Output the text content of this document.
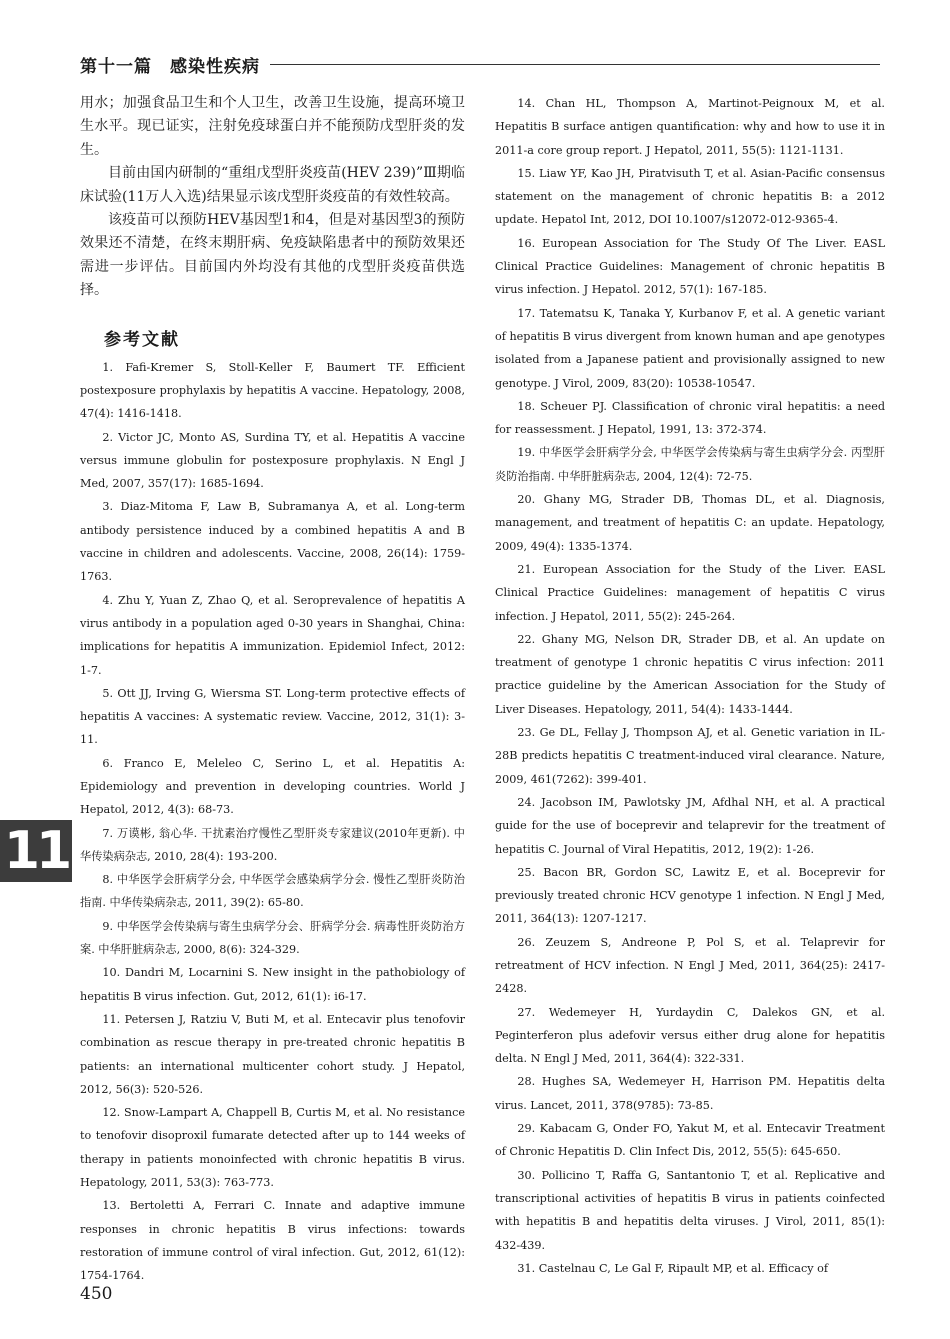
第十一篇　感染性疾病

用水；加强食品卫生和个人卫生，改善卫生设施，提高环境卫生水平。现已证实，注射免疫球蛋白并不能预防戊型肝炎的发生。

目前由国内研制的“重组戊型肝炎疫苗(HEV 239)”Ⅲ期临床试验(11万人入选)结果显示该戊型肝炎疫苗的有效性较高。

该疫苗可以预防HEV基因型1和4，但是对基因型3的预防效果还不清楚，在终末期肝病、免疫缺陷患者中的预防效果还需进一步评估。目前国内外均没有其他的戊型肝炎疫苗供选择。

参考文献
1. Fafi-Kremer S, Stoll-Keller F, Baumert TF. Efficient postexposure prophylaxis by hepatitis A vaccine. Hepatology, 2008, 47(4): 1416-1418.
2. Victor JC, Monto AS, Surdina TY, et al. Hepatitis A vaccine versus immune globulin for postexposure prophylaxis. N Engl J Med, 2007, 357(17): 1685-1694.
3. Diaz-Mitoma F, Law B, Subramanya A, et al. Long-term antibody persistence induced by a combined hepatitis A and B vaccine in children and adolescents. Vaccine, 2008, 26(14): 1759-1763.
4. Zhu Y, Yuan Z, Zhao Q, et al. Seroprevalence of hepatitis A virus antibody in a population aged 0-30 years in Shanghai, China: implications for hepatitis A immunization. Epidemiol Infect, 2012: 1-7.
5. Ott JJ, Irving G, Wiersma ST. Long-term protective effects of hepatitis A vaccines: A systematic review. Vaccine, 2012, 31(1): 3-11.
6. Franco E, Meleleo C, Serino L, et al. Hepatitis A: Epidemiology and prevention in developing countries. World J Hepatol, 2012, 4(3): 68-73.
7. 万谟彬, 翁心华. 干扰素治疗慢性乙型肝炎专家建议(2010年更新). 中华传染病杂志, 2010, 28(4): 193-200.
8. 中华医学会肝病学分会, 中华医学会感染病学分会. 慢性乙型肝炎防治指南. 中华传染病杂志, 2011, 39(2): 65-80.
9. 中华医学会传染病与寄生虫病学分会、肝病学分会. 病毒性肝炎防治方案. 中华肝脏病杂志, 2000, 8(6): 324-329.
10. Dandri M, Locarnini S. New insight in the pathobiology of hepatitis B virus infection. Gut, 2012, 61(1): i6-17.
11. Petersen J, Ratziu V, Buti M, et al. Entecavir plus tenofovir combination as rescue therapy in pre-treated chronic hepatitis B patients: an international multicenter cohort study. J Hepatol, 2012, 56(3): 520-526.
12. Snow-Lampart A, Chappell B, Curtis M, et al. No resistance to tenofovir disoproxil fumarate detected after up to 144 weeks of therapy in patients monoinfected with chronic hepatitis B virus. Hepatology, 2011, 53(3): 763-773.
13. Bertoletti A, Ferrari C. Innate and adaptive immune responses in chronic hepatitis B virus infections: towards restoration of immune control of viral infection. Gut, 2012, 61(12): 1754-1764.
14. Chan HL, Thompson A, Martinot-Peignoux M, et al. Hepatitis B surface antigen quantification: why and how to use it in 2011-a core group report. J Hepatol, 2011, 55(5): 1121-1131.
15. Liaw YF, Kao JH, Piratvisuth T, et al. Asian-Pacific consensus statement on the management of chronic hepatitis B: a 2012 update. Hepatol Int, 2012, DOI 10.1007/s12072-012-9365-4.
16. European Association for The Study Of The Liver. EASL Clinical Practice Guidelines: Management of chronic hepatitis B virus infection. J Hepatol. 2012, 57(1): 167-185.
17. Tatematsu K, Tanaka Y, Kurbanov F, et al. A genetic variant of hepatitis B virus divergent from known human and ape genotypes isolated from a Japanese patient and provisionally assigned to new genotype. J Virol, 2009, 83(20): 10538-10547.
18. Scheuer PJ. Classification of chronic viral hepatitis: a need for reassessment. J Hepatol, 1991, 13: 372-374.
19. 中华医学会肝病学分会, 中华医学会传染病与寄生虫病学分会. 丙型肝炎防治指南. 中华肝脏病杂志, 2004, 12(4): 72-75.
20. Ghany MG, Strader DB, Thomas DL, et al. Diagnosis, management, and treatment of hepatitis C: an update. Hepatology, 2009, 49(4): 1335-1374.
21. European Association for the Study of the Liver. EASL Clinical Practice Guidelines: management of hepatitis C virus infection. J Hepatol, 2011, 55(2): 245-264.
22. Ghany MG, Nelson DR, Strader DB, et al. An update on treatment of genotype 1 chronic hepatitis C virus infection: 2011 practice guideline by the American Association for the Study of Liver Diseases. Hepatology, 2011, 54(4): 1433-1444.
23. Ge DL, Fellay J, Thompson AJ, et al. Genetic variation in IL-28B predicts hepatitis C treatment-induced viral clearance. Nature, 2009, 461(7262): 399-401.
24. Jacobson IM, Pawlotsky JM, Afdhal NH, et al. A practical guide for the use of boceprevir and telaprevir for the treatment of hepatitis C. Journal of Viral Hepatitis, 2012, 19(2): 1-26.
25. Bacon BR, Gordon SC, Lawitz E, et al. Boceprevir for previously treated chronic HCV genotype 1 infection. N Engl J Med, 2011, 364(13): 1207-1217.
26. Zeuzem S, Andreone P, Pol S, et al. Telaprevir for retreatment of HCV infection. N Engl J Med, 2011, 364(25): 2417-2428.
27. Wedemeyer H, Yurdaydin C, Dalekos GN, et al. Peginterferon plus adefovir versus either drug alone for hepatitis delta. N Engl J Med, 2011, 364(4): 322-331.
28. Hughes SA, Wedemeyer H, Harrison PM. Hepatitis delta virus. Lancet, 2011, 378(9785): 73-85.
29. Kabacam G, Onder FO, Yakut M, et al. Entecavir Treatment of Chronic Hepatitis D. Clin Infect Dis, 2012, 55(5): 645-650.
30. Pollicino T, Raffa G, Santantonio T, et al. Replicative and transcriptional activities of hepatitis B virus in patients coinfected with hepatitis B and hepatitis delta viruses. J Virol, 2011, 85(1): 432-439.
31. Castelnau C, Le Gal F, Ripault MP, et al. Efficacy of
11
450
